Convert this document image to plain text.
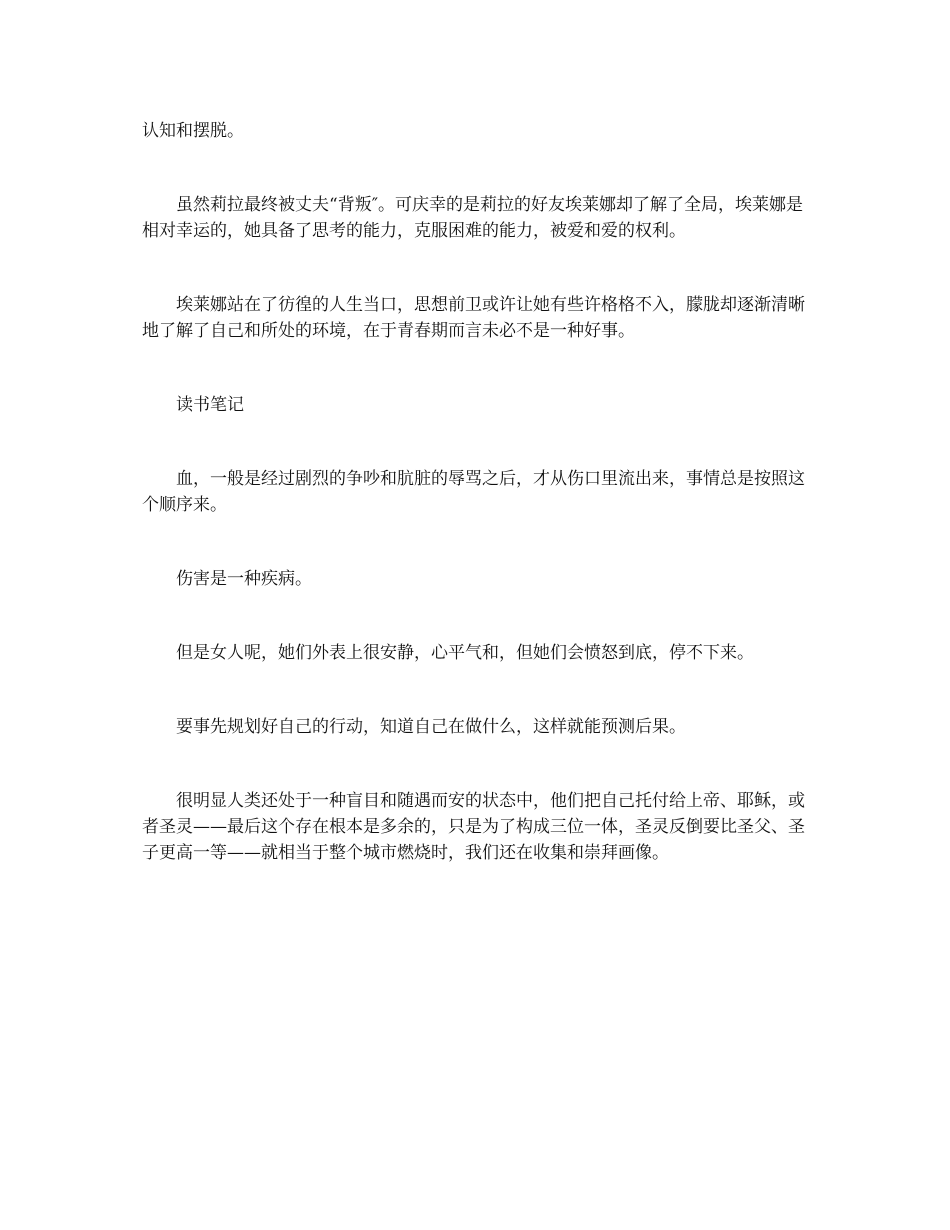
认知和摆脱。

虽然莉拉最终被丈夫“背叛″。可庆幸的是莉拉的好友埃莱娜却了解了全局，埃莱娜是相对幸运的，她具备了思考的能力，克服困难的能力，被爱和爱的权利。

埃莱娜站在了彷徨的人生当口，思想前卫或许让她有些许格格不入，朦胧却逐渐清晰地了解了自己和所处的环境，在于青春期而言未必不是一种好事。

读书笔记

血，一般是经过剧烈的争吵和肮脏的辱骂之后，才从伤口里流出来，事情总是按照这个顺序来。

伤害是一种疾病。

但是女人呢，她们外表上很安静，心平气和，但她们会愤怒到底，停不下来。

要事先规划好自己的行动，知道自己在做什么，这样就能预测后果。

很明显人类还处于一种盲目和随遇而安的状态中，他们把自己托付给上帝、耶稣，或者圣灵——最后这个存在根本是多余的，只是为了构成三位一体，圣灵反倒要比圣父、圣子更高一等——就相当于整个城市燃烧时，我们还在收集和崇拜画像。
